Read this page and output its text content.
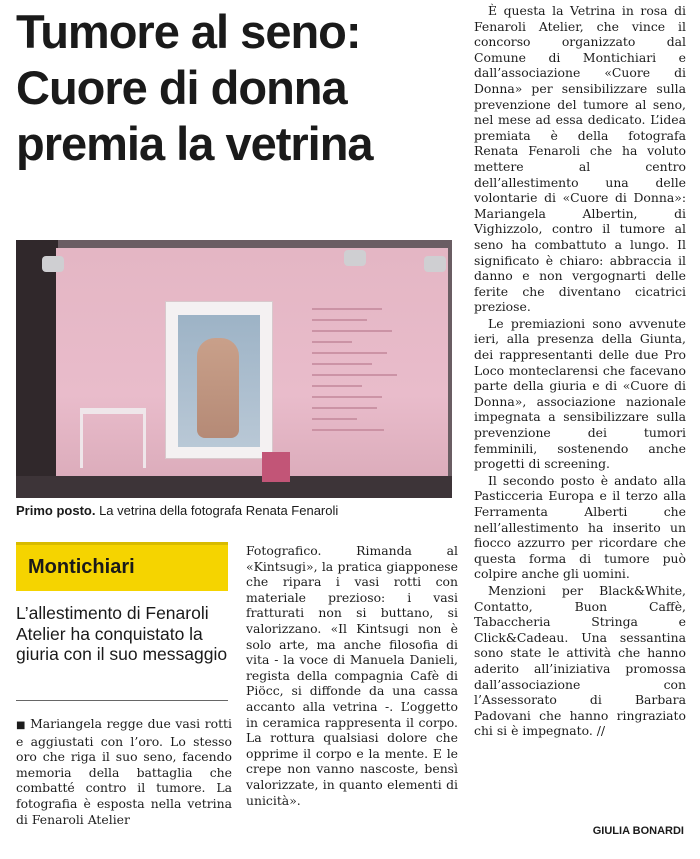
Tumore al seno:
Cuore di donna
premia la vetrina
Primo posto. La vetrina della fotografa Renata Fenaroli
Montichiari
L’allestimento di Fenaroli Atelier ha conquistato la giuria con il suo messaggio

■ Mariangela regge due vasi rotti e aggiustati con l’oro. Lo stesso oro che riga il suo seno, facendo memoria della battaglia che combatté contro il tumore. La fotografia è esposta nella vetrina di Fenaroli Atelier

Fotografico. Rimanda al «Kintsugi», la pratica giapponese che ripara i vasi rotti con materiale prezioso: i vasi fratturati non si buttano, si valorizzano. «Il Kintsugi non è solo arte, ma anche filosofia di vita - la voce di Manuela Danieli, regista della compagnia Cafè di Piöcc, si diffonde da una cassa accanto alla vetrina -. L’oggetto in ceramica rappresenta il corpo. La rottura qualsiasi dolore che opprime il corpo e la mente. E le crepe non vanno nascoste, bensì valorizzate, in quanto elementi di unicità».

È questa la Vetrina in rosa di Fenaroli Atelier, che vince il concorso organizzato dal Comune di Montichiari e dall’associazione «Cuore di Donna» per sensibilizzare sulla prevenzione del tumore al seno, nel mese ad essa dedicato. L’idea premiata è della fotografa Renata Fenaroli che ha voluto mettere al centro dell’allestimento una delle volontarie di «Cuore di Donna»: Mariangela Albertin, di Vighizzolo, contro il tumore al seno ha combattuto a lungo. Il significato è chiaro: abbraccia il danno e non vergognarti delle ferite che diventano cicatrici preziose.

Le premiazioni sono avvenute ieri, alla presenza della Giunta, dei rappresentanti delle due Pro Loco monteclarensi che facevano parte della giuria e di «Cuore di Donna», associazione nazionale impegnata a sensibilizzare sulla prevenzione dei tumori femminili, sostenendo anche progetti di screening.

Il secondo posto è andato alla Pasticceria Europa e il terzo alla Ferramenta Alberti che nell’allestimento ha inserito un fiocco azzurro per ricordare che questa forma di tumore può colpire anche gli uomini.

Menzioni per Black&White, Contatto, Buon Caffè, Tabaccheria Stringa e Click&Cadeau. Una sessantina sono state le attività che hanno aderito all’iniziativa promossa dall’associazione con l’Assessorato di Barbara Padovani che hanno ringraziato chi si è impegnato. //

GIULIA BONARDI
